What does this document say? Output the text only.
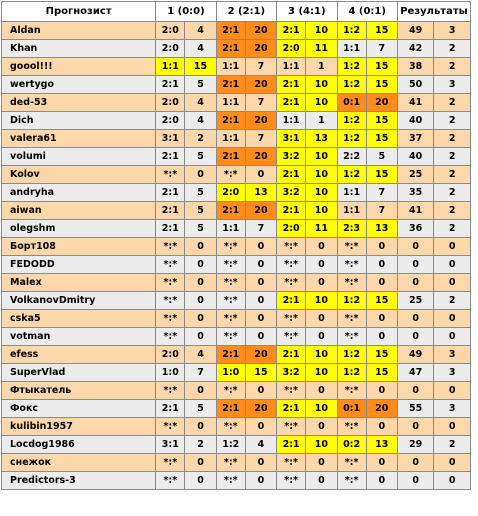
Прогнозист	1 (0:0)		2 (2:1)		3 (4:1)		4 (0:1)		Результаты	
Aldan	2:0	4	2:1	20	2:1	10	1:2	15	49	3
Khan	2:0	4	2:1	20	2:0	11	1:1	7	42	2
goool!!!	1:1	15	1:1	7	1:1	1	1:2	15	38	2
wertygo	2:1	5	2:1	20	2:1	10	1:2	15	50	3
ded-53	2:0	4	1:1	7	2:1	10	0:1	20	41	2
Dich	2:0	4	2:1	20	1:1	1	1:2	15	40	2
valera61	3:1	2	1:1	7	3:1	13	1:2	15	37	2
volumi	2:1	5	2:1	20	3:2	10	2:2	5	40	2
Kolov	*:*	0	*:*	0	2:1	10	1:2	15	25	2
andryha	2:1	5	2:0	13	3:2	10	1:1	7	35	2
aiwan	2:1	5	2:1	20	2:1	10	1:1	7	41	2
olegshm	2:1	5	1:1	7	2:0	11	2:3	13	36	2
Борт108	*:*	0	*:*	0	*:*	0	*:*	0	0	0
FEDODD	*:*	0	*:*	0	*:*	0	*:*	0	0	0
Malex	*:*	0	*:*	0	*:*	0	*:*	0	0	0
VolkanovDmitry	*:*	0	*:*	0	2:1	10	1:2	15	25	2
cska5	*:*	0	*:*	0	*:*	0	*:*	0	0	0
votman	*:*	0	*:*	0	*:*	0	*:*	0	0	0
efess	2:0	4	2:1	20	2:1	10	1:2	15	49	3
SuperVlad	1:0	7	1:0	15	3:2	10	1:2	15	47	3
Фтыкатель	*:*	0	*:*	0	*:*	0	*:*	0	0	0
Фокс	2:1	5	2:1	20	2:1	10	0:1	20	55	3
kulibin1957	*:*	0	*:*	0	*:*	0	*:*	0	0	0
Locdog1986	3:1	2	1:2	4	2:1	10	0:2	13	29	2
снежок	*:*	0	*:*	0	*:*	0	*:*	0	0	0
Predictors-3	*:*	0	*:*	0	*:*	0	*:*	0	0	0
